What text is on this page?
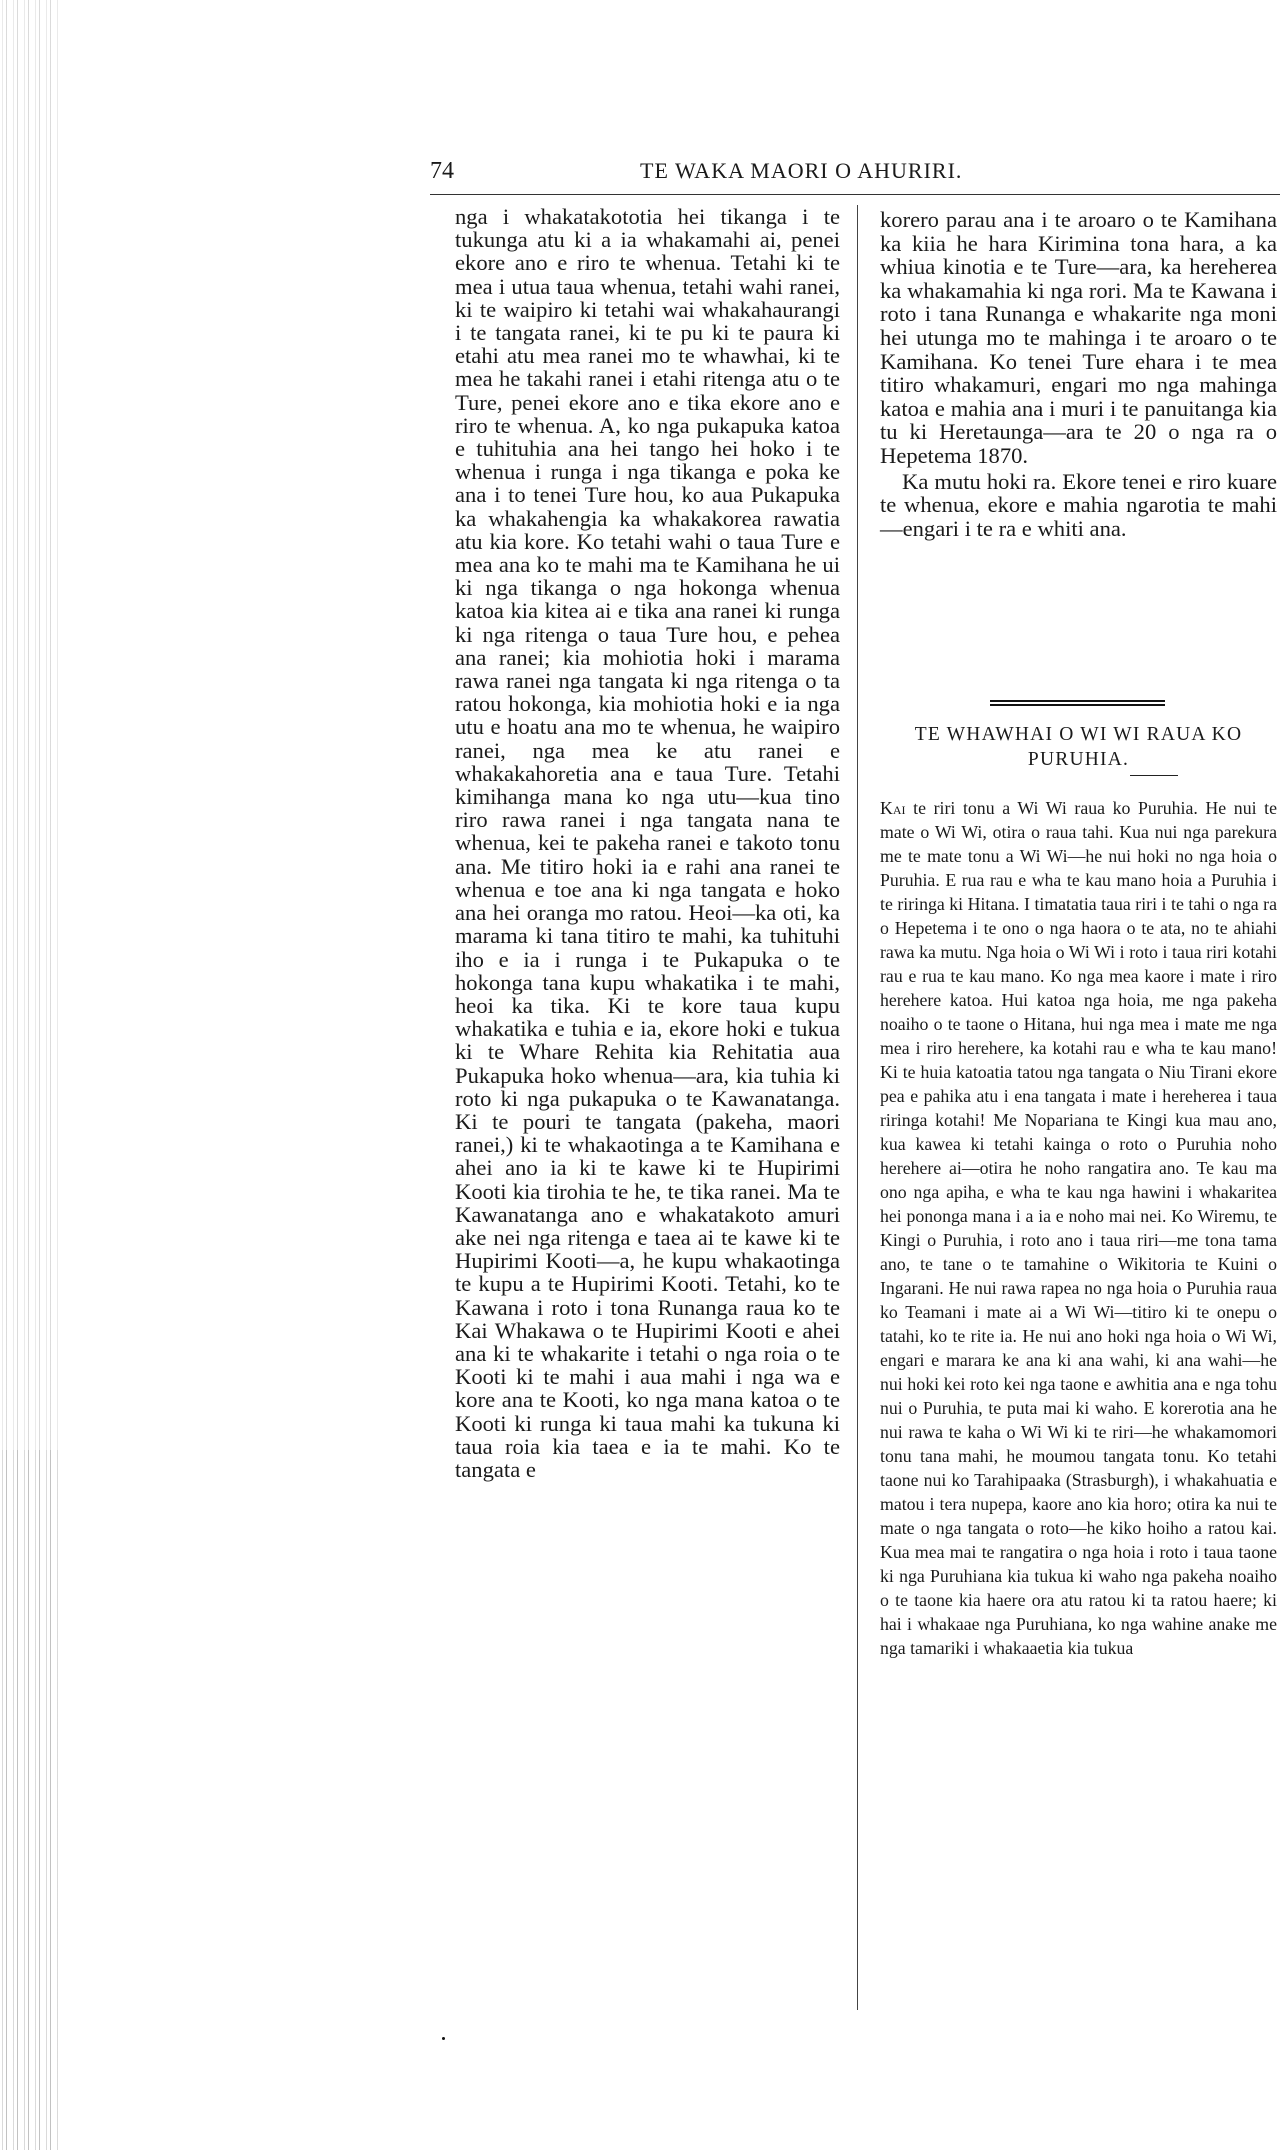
74	TE WAKA MAORI O AHURIRI.

nga i whakatakototia hei tikanga i te tukunga atu ki a ia whakamahi ai, penei ekore ano e riro te whenua. Tetahi ki te mea i utua taua whenua, tetahi wahi ranei, ki te waipiro ki tetahi wai whakahaurangi i te tangata ranei, ki te pu ki te paura ki etahi atu mea ranei mo te whawhai, ki te mea he takahi ranei i etahi ritenga atu o te Ture, penei ekore ano e tika ekore ano e riro te whenua. A, ko nga pukapuka katoa e tuhituhia ana hei tango hei hoko i te whenua i runga i nga tikanga e poka ke ana i to tenei Ture hou, ko aua Pukapuka ka whakahengia ka whakakorea rawatia atu kia kore. Ko tetahi wahi o taua Ture e mea ana ko te mahi ma te Kamihana he ui ki nga tikanga o nga hokonga whenua katoa kia kitea ai e tika ana ranei ki runga ki nga ritenga o taua Ture hou, e pehea ana ranei; kia mohiotia hoki i marama rawa ranei nga tangata ki nga ritenga o ta ratou hokonga, kia mohiotia hoki e ia nga utu e hoatu ana mo te whenua, he waipiro ranei, nga mea ke atu ranei e whakakahoretia ana e taua Ture. Tetahi kimihanga mana ko nga utu—kua tino riro rawa ranei i nga tangata nana te whenua, kei te pakeha ranei e takoto tonu ana. Me titiro hoki ia e rahi ana ranei te whenua e toe ana ki nga tangata e hoko ana hei oranga mo ratou. Heoi—ka oti, ka marama ki tana titiro te mahi, ka tuhituhi iho e ia i runga i te Pukapuka o te hokonga tana kupu whakatika i te mahi, heoi ka tika. Ki te kore taua kupu whakatika e tuhia e ia, ekore hoki e tukua ki te Whare Rehita kia Rehitatia aua Pukapuka hoko whenua—ara, kia tuhia ki roto ki nga pukapuka o te Kawanatanga. Ki te pouri te tangata (pakeha, maori ranei,) ki te whakaotinga a te Kamihana e ahei ano ia ki te kawe ki te Hupirimi Kooti kia tirohia te he, te tika ranei. Ma te Kawanatanga ano e whakatakoto amuri ake nei nga ritenga e taea ai te kawe ki te Hupirimi Kooti—a, he kupu whakaotinga te kupu a te Hupirimi Kooti. Tetahi, ko te Kawana i roto i tona Runanga raua ko te Kai Whakawa o te Hupirimi Kooti e ahei ana ki te whakarite i tetahi o nga roia o te Kooti ki te mahi i aua mahi i nga wa e kore ana te Kooti, ko nga mana katoa o te Kooti ki runga ki taua mahi ka tukuna ki taua roia kia taea e ia te mahi. Ko te tangata e

korero parau ana i te aroaro o te Kamihana ka kiia he hara Kirimina tona hara, a ka whiua kinotia e te Ture—ara, ka hereherea ka whakamahia ki nga rori. Ma te Kawana i roto i tana Runanga e whakarite nga moni hei utunga mo te mahinga i te aroaro o te Kamihana. Ko tenei Ture ehara i te mea titiro whakamuri, engari mo nga mahinga katoa e mahia ana i muri i te panuitanga kia tu ki Heretaunga—ara te 20 o nga ra o Hepetema 1870.

Ka mutu hoki ra. Ekore tenei e riro kuare te whenua, ekore e mahia ngarotia te mahi—engari i te ra e whiti ana.

TE WHAWHAI O WI WI RAUA KO PURUHIA.

Kai te riri tonu a Wi Wi raua ko Puruhia. He nui te mate o Wi Wi, otira o raua tahi. Kua nui nga parekura me te mate tonu a Wi Wi—he nui hoki no nga hoia o Puruhia. E rua rau e wha te kau mano hoia a Puruhia i te riringa ki Hitana. I timatatia taua riri i te tahi o nga ra o Hepetema i te ono o nga haora o te ata, no te ahiahi rawa ka mutu. Nga hoia o Wi Wi i roto i taua riri kotahi rau e rua te kau mano. Ko nga mea kaore i mate i riro herehere katoa. Hui katoa nga hoia, me nga pakeha noaiho o te taone o Hitana, hui nga mea i mate me nga mea i riro herehere, ka kotahi rau e wha te kau mano! Ki te huia katoatia tatou nga tangata o Niu Tirani ekore pea e pahika atu i ena tangata i mate i hereherea i taua riringa kotahi! Me Nopariana te Kingi kua mau ano, kua kawea ki tetahi kainga o roto o Puruhia noho herehere ai—otira he noho rangatira ano. Te kau ma ono nga apiha, e wha te kau nga hawini i whakaritea hei pononga mana i a ia e noho mai nei. Ko Wiremu, te Kingi o Puruhia, i roto ano i taua riri—me tona tama ano, te tane o te tamahine o Wikitoria te Kuini o Ingarani. He nui rawa rapea no nga hoia o Puruhia raua ko Teamani i mate ai a Wi Wi—titiro ki te onepu o tatahi, ko te rite ia. He nui ano hoki nga hoia o Wi Wi, engari e marara ke ana ki ana wahi, ki ana wahi—he nui hoki kei roto kei nga taone e awhitia ana e nga tohu nui o Puruhia, te puta mai ki waho. E korerotia ana he nui rawa te kaha o Wi Wi ki te riri—he whakamomori tonu tana mahi, he moumou tangata tonu. Ko tetahi taone nui ko Tarahipaaka (Strasburgh), i whakahuatia e matou i tera nupepa, kaore ano kia horo; otira ka nui te mate o nga tangata o roto—he kiko hoiho a ratou kai. Kua mea mai te rangatira o nga hoia i roto i taua taone ki nga Puruhiana kia tukua ki waho nga pakeha noaiho o te taone kia haere ora atu ratou ki ta ratou haere; ki hai i whakaae nga Puruhiana, ko nga wahine anake me nga tamariki i whakaaetia kia tukua
